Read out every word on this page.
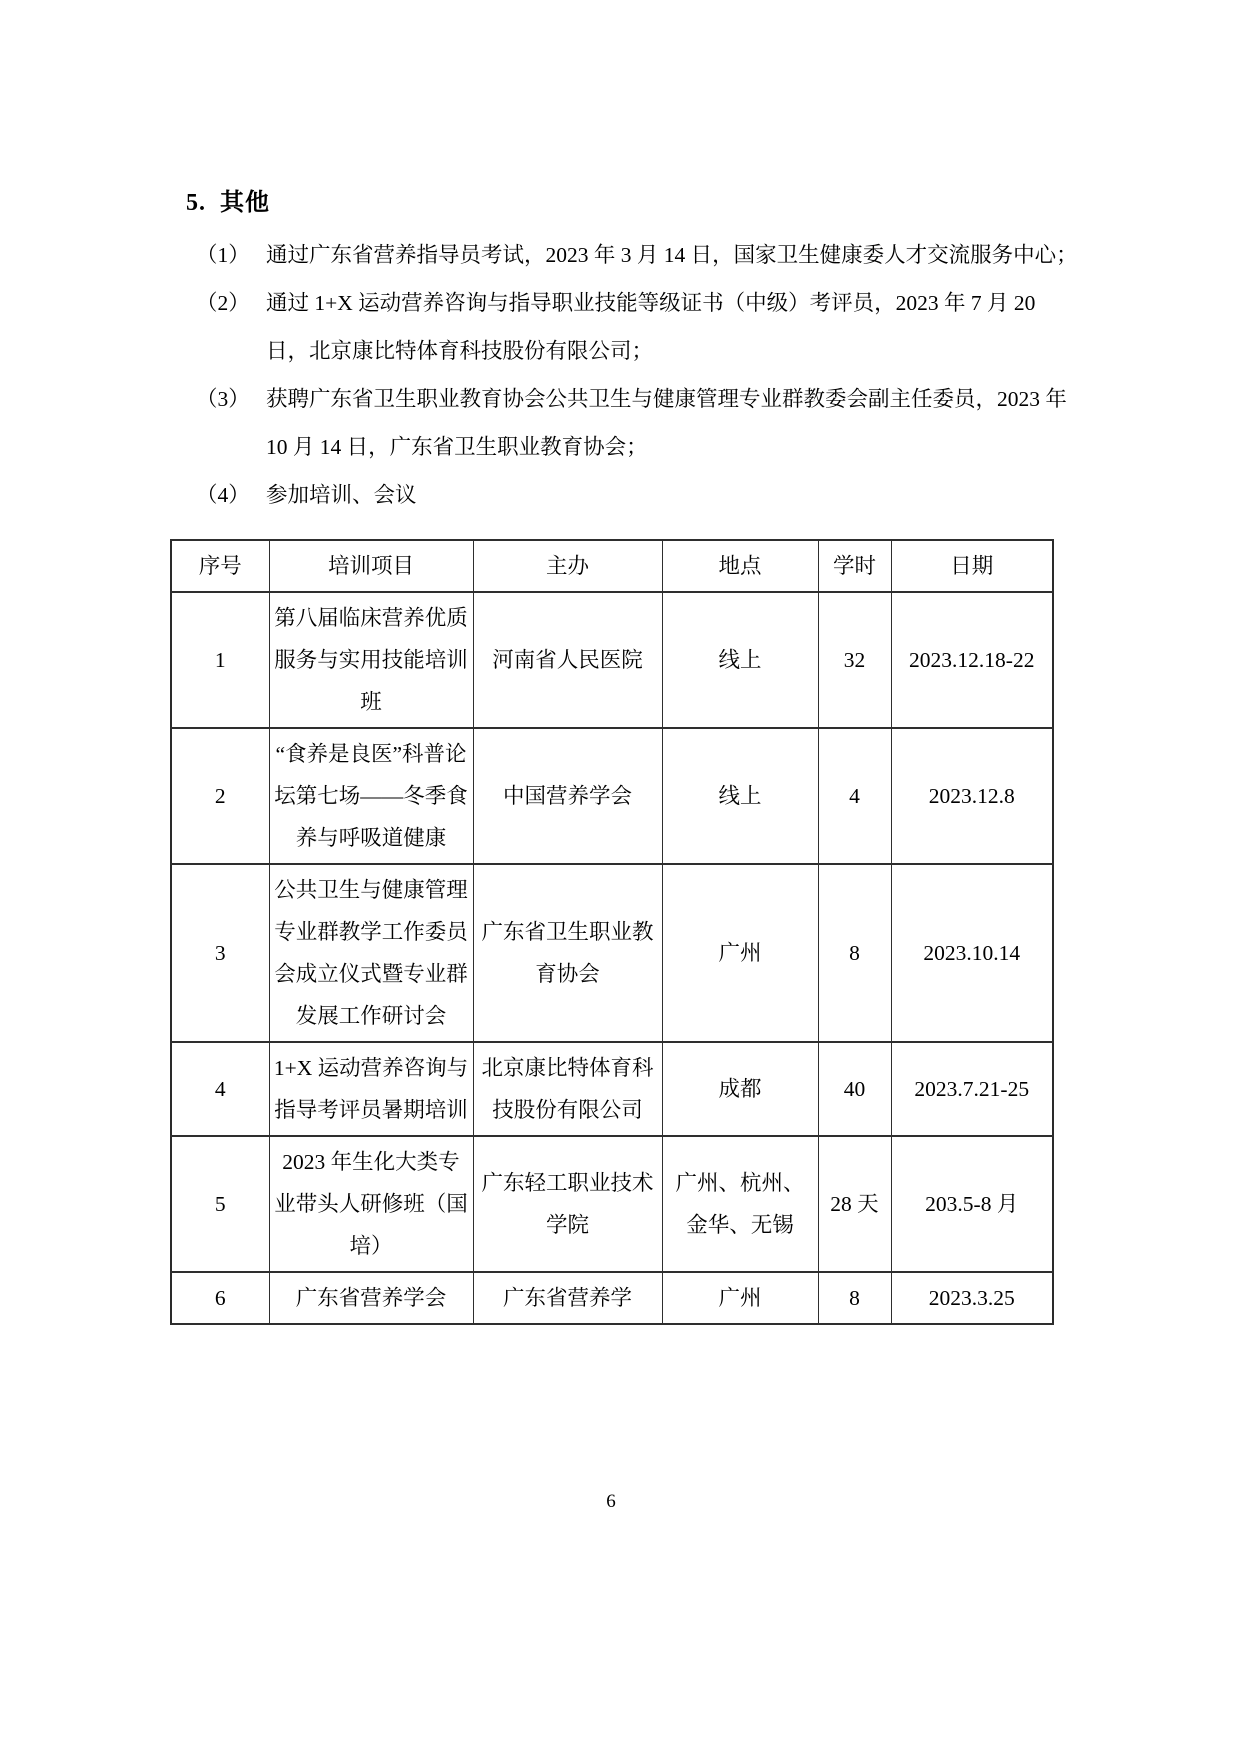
5. 其他
（1） 通过广东省营养指导员考试，2023 年 3 月 14 日，国家卫生健康委人才交流服务中心；
（2） 通过 1+X 运动营养咨询与指导职业技能等级证书（中级）考评员，2023 年 7 月 20 日，北京康比特体育科技股份有限公司；
（3） 获聘广东省卫生职业教育协会公共卫生与健康管理专业群教委会副主任委员，2023 年 10 月 14 日，广东省卫生职业教育协会；
（4） 参加培训、会议
序号	培训项目	主办	地点	学时	日期
1	第八届临床营养优质服务与实用技能培训班	河南省人民医院	线上	32	2023.12.18-22
2	“食养是良医”科普论坛第七场——冬季食养与呼吸道健康	中国营养学会	线上	4	2023.12.8
3	公共卫生与健康管理专业群教学工作委员会成立仪式暨专业群发展工作研讨会	广东省卫生职业教育协会	广州	8	2023.10.14
4	1+X 运动营养咨询与指导考评员暑期培训	北京康比特体育科技股份有限公司	成都	40	2023.7.21-25
5	2023 年生化大类专业带头人研修班（国培）	广东轻工职业技术学院	广州、杭州、金华、无锡	28 天	203.5-8 月
6	广东省营养学会	广东省营养学	广州	8	2023.3.25
6
